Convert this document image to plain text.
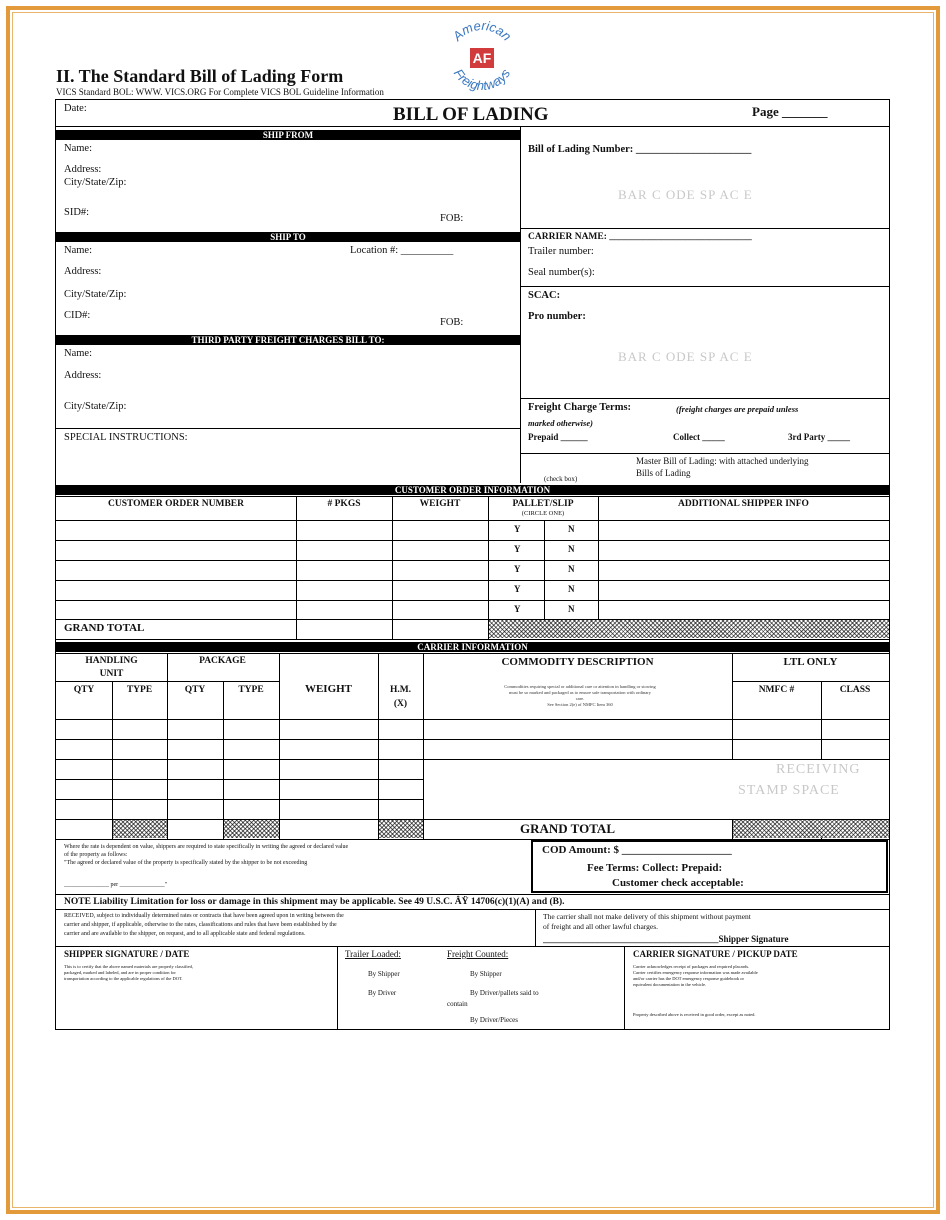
II. The Standard Bill of Lading Form
VICS Standard BOL: WWW. VICS.ORG For Complete VICS BOL Guideline Information
American
Freightways
AF
Date:	BILL OF LADING	Page _______
SHIP FROM
Name:
Address:
City/State/Zip:
SID#:
FOB:
SHIP TO
Name:	Location #: __________
Address:
City/State/Zip:
CID#:
FOB:
THIRD PARTY FREIGHT CHARGES BILL TO:
Name:
Address:
City/State/Zip:
SPECIAL INSTRUCTIONS:
Bill of Lading Number: ______________________
BAR C ODE SP AC E
CARRIER NAME: ______________________________
Trailer number:
Seal number(s):
SCAC:
Pro number:
BAR C ODE SP AC E
Freight Charge Terms:	(freight charges are prepaid unless
marked otherwise)
Prepaid ______	Collect _____	3rd Party _____
Master Bill of Lading: with attached underlying
Bills of Lading
(check box)
CUSTOMER ORDER INFORMATION
CUSTOMER ORDER NUMBER	# PKGS	WEIGHT	PALLET/SLIP
(CIRCLE ONE)
ADDITIONAL SHIPPER INFO
Y	N
Y	N
Y	N
Y	N
Y	N
GRAND TOTAL
CARRIER INFORMATION
HANDLING
UNIT
PACKAGE
QTY	TYPE	QTY	TYPE	WEIGHT	H.M.
(X)
COMMODITY DESCRIPTION
Commodities requiring special or additional care or attention in handling or stowing
must be so marked and packaged as to ensure safe transportation with ordinary
care.
See Section 2(e) of NMFC Item 360
LTL ONLY
NMFC #	CLASS
RECEIVING
STAMP SPACE
GRAND TOTAL
Where the rate is dependent on value, shippers are required to state specifically in writing the agreed or declared value
of the property as follows:
"The agreed or declared value of the property is specifically stated by the shipper to be not exceeding
_______________ per _______________"
COD Amount: $ ____________________
Fee Terms: Collect: Prepaid:
Customer check acceptable:
NOTE Liability Limitation for loss or damage in this shipment may be applicable. See 49 U.S.C. ÂŸ 14706(c)(1)(A) and (B).
RECEIVED, subject to individually determined rates or contracts that have been agreed upon in writing between the
carrier and shipper, if applicable, otherwise to the rates, classifications and rules that have been established by the
carrier and are available to the shipper, on request, and to all applicable state and federal regulations.
The carrier shall not make delivery of this shipment without payment
of freight and all other lawful charges.
_______________________________________Shipper Signature
SHIPPER SIGNATURE / DATE
This is to certify that the above named materials are properly classified,
packaged, marked and labeled, and are in proper condition for
transportation according to the applicable regulations of the DOT.
Trailer Loaded:
By Shipper
By Driver
Freight Counted:
By Shipper
By Driver/pallets said to
contain
By Driver/Pieces
CARRIER SIGNATURE / PICKUP DATE
Carrier acknowledges receipt of packages and required placards.
Carrier certifies emergency response information was made available
and/or carrier has the DOT emergency response guidebook or
equivalent documentation in the vehicle.
Property described above is received in good order, except as noted.
